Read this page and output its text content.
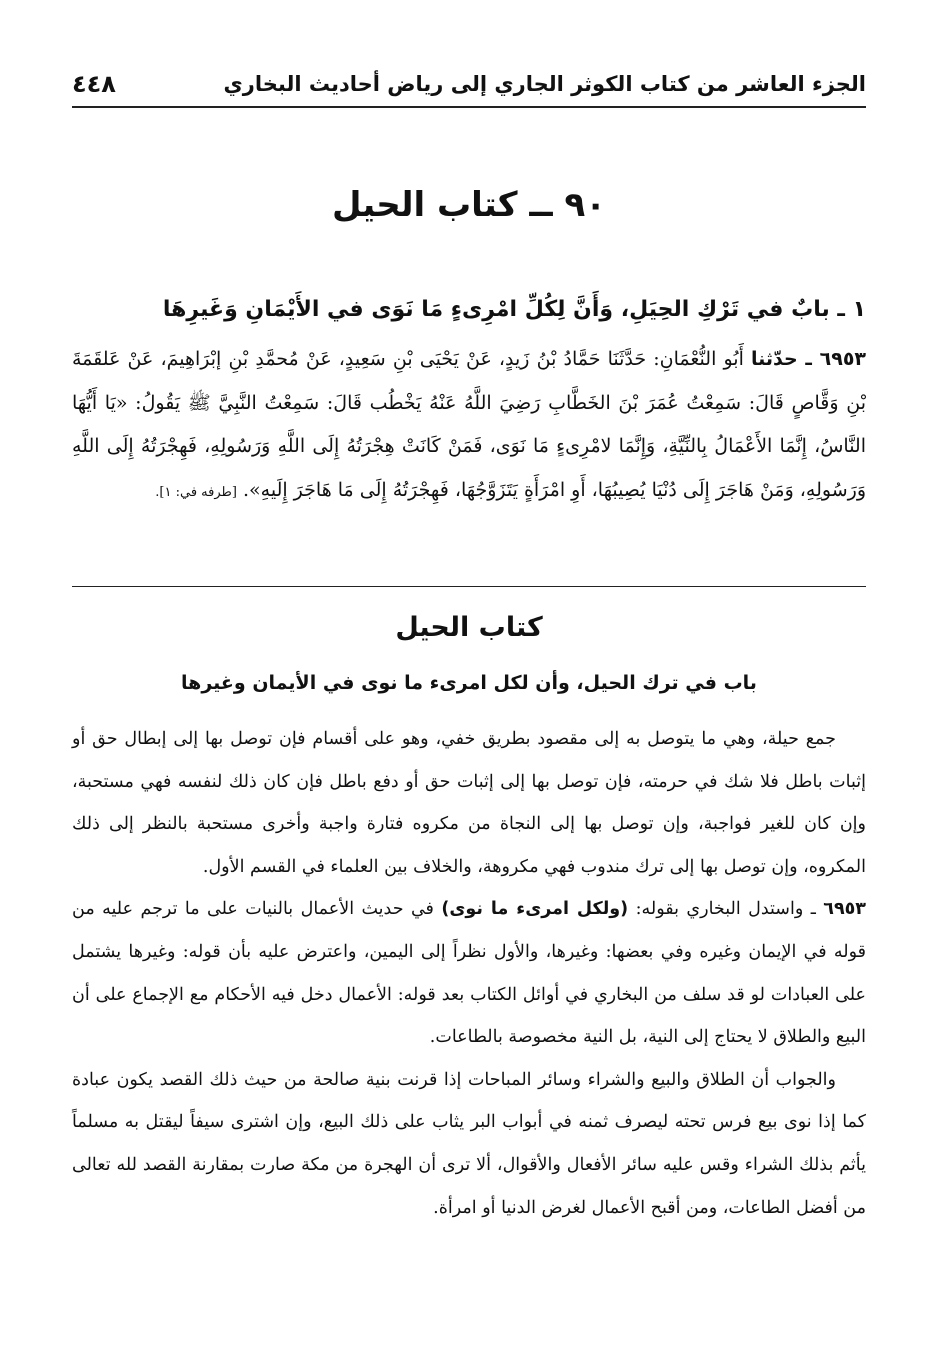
الجزء العاشر من كتاب الكوثر الجاري إلى رياض أحاديث البخاري
٤٤٨
٩٠ ــ كتاب الحيل
١ ـ بابٌ في تَرْكِ الحِيَلِ، وَأَنَّ لِكُلِّ امْرِىءٍ مَا نَوَى في الأَيْمَانِ وَغَيرِهَا
٦٩٥٣ ـ حدّثنا أَبُو النُّعْمَانِ: حَدَّثَنَا حَمَّادُ بْنُ زَيدٍ، عَنْ يَحْيَى بْنِ سَعِيدٍ، عَنْ مُحمَّدِ بْنِ إبْرَاهِيمَ، عَنْ عَلقَمَةَ بْنِ وَقَّاصٍ قَالَ: سَمِعْتُ عُمَرَ بْنَ الخَطَّابِ رَضِيَ اللَّهُ عَنْهُ يَخْطُب قَالَ: سَمِعْتُ النَّبِيَّ ﷺ يَقُولُ: «يَا أَيُّهَا النَّاسُ، إِنَّمَا الأَعْمَالُ بِالنِّيَّةِ، وَإِنَّمَا لامْرِىءٍ مَا نَوَى، فَمَنْ كَانَتْ هِجْرَتُهُ إِلَى اللَّهِ وَرَسُولِهِ، فَهِجْرَتُهُ إِلَى اللَّهِ وَرَسُولِهِ، وَمَنْ هَاجَرَ إِلَى دُنْيَا يُصِيبُهَا، أَوِ امْرَأَةٍ يَتَزَوَّجُهَا، فَهِجْرَتُهُ إِلَى مَا هَاجَرَ إِلَيهِ». [طرفه في: ١].
كتاب الحيل
باب في ترك الحيل، وأن لكل امرىء ما نوى في الأيمان وغيرها

جمع حيلة، وهي ما يتوصل به إلى مقصود بطريق خفي، وهو على أقسام فإن توصل بها إلى إبطال حق أو إثبات باطل فلا شك في حرمته، فإن توصل بها إلى إثبات حق أو دفع باطل فإن كان ذلك لنفسه فهي مستحبة، وإن كان للغير فواجبة، وإن توصل بها إلى النجاة من مكروه فتارة واجبة وأخرى مستحبة بالنظر إلى ذلك المكروه، وإن توصل بها إلى ترك مندوب فهي مكروهة، والخلاف بين العلماء في القسم الأول.

٦٩٥٣ ـ واستدل البخاري بقوله: (ولكل امرىء ما نوى) في حديث الأعمال بالنيات على ما ترجم عليه من قوله في الإيمان وغيره وفي بعضها: وغيرها، والأول نظراً إلى اليمين، واعترض عليه بأن قوله: وغيرها يشتمل على العبادات لو قد سلف من البخاري في أوائل الكتاب بعد قوله: الأعمال دخل فيه الأحكام مع الإجماع على أن البيع والطلاق لا يحتاج إلى النية، بل النية مخصوصة بالطاعات.

والجواب أن الطلاق والبيع والشراء وسائر المباحات إذا قرنت بنية صالحة من حيث ذلك القصد يكون عبادة كما إذا نوى بيع فرس تحته ليصرف ثمنه في أبواب البر يثاب على ذلك البيع، وإن اشترى سيفاً ليقتل به مسلماً يأثم بذلك الشراء وقس عليه سائر الأفعال والأقوال، ألا ترى أن الهجرة من مكة صارت بمقارنة القصد لله تعالى من أفضل الطاعات، ومن أقبح الأعمال لغرض الدنيا أو امرأة.
